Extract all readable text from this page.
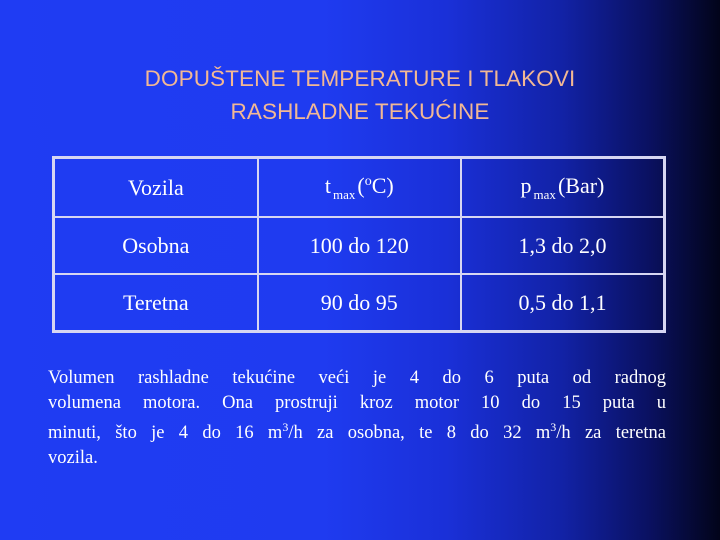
DOPUŠTENE TEMPERATURE I TLAKOVI
RASHLADNE TEKUĆINE
Vozila	t $_{max}$($^o$C)	p $_{max}$(Bar)
Osobna	100 do 120	1,3 do 2,0
Teretna	90 do 95	0,5 do 1,1
Volumen rashladne tekućine veći je 4 do 6 puta od radnog
volumena motora. Ona prostruji kroz motor 10 do 15 puta u
minuti, što je 4 do 16 $m^3/h$ za osobna, te 8 do 32 $m^3/h$ za teretna
vozila.
